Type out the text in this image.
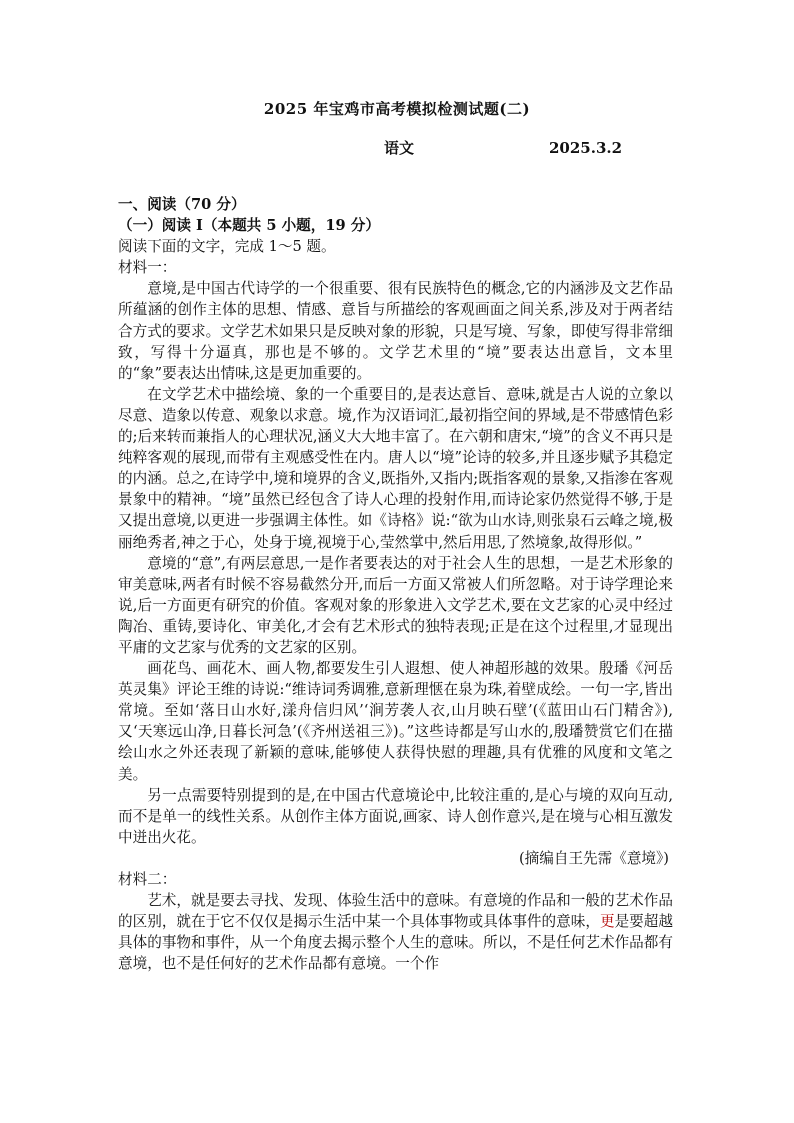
2025 年宝鸡市高考模拟检测试题(二)
语文	2025.3.2
一、阅读（70 分）
（一）阅读 I（本题共 5 小题，19 分）

阅读下面的文字，完成 1～5 题。

材料一：

意境,是中国古代诗学的一个很重要、很有民族特色的概念,它的内涵涉及文艺作品所蕴涵的创作主体的思想、情感、意旨与所描绘的客观画面之间关系,涉及对于两者结合方式的要求。文学艺术如果只是反映对象的形貌，只是写境、写象，即使写得非常细致，写得十分逼真，那也是不够的。文学艺术里的“境”要表达出意旨，文本里的“象”要表达出情味,这是更加重要的。

在文学艺术中描绘境、象的一个重要目的,是表达意旨、意味,就是古人说的立象以尽意、造象以传意、观象以求意。境,作为汉语词汇,最初指空间的界域,是不带感情色彩的;后来转而兼指人的心理状况,涵义大大地丰富了。在六朝和唐宋,“境”的含义不再只是纯粹客观的展现,而带有主观感受性在内。唐人以“境”论诗的较多,并且逐步赋予其稳定的内涵。总之,在诗学中,境和境界的含义,既指外,又指内;既指客观的景象,又指渗在客观景象中的精神。“境”虽然已经包含了诗人心理的投射作用,而诗论家仍然觉得不够,于是又提出意境,以更进一步强调主体性。如《诗格》说:“欲为山水诗,则张泉石云峰之境,极丽绝秀者,神之于心，处身于境,视境于心,莹然掌中,然后用思,了然境象,故得形似。”

意境的“意”,有两层意思,一是作者要表达的对于社会人生的思想，一是艺术形象的审美意味,两者有时候不容易截然分开,而后一方面又常被人们所忽略。对于诗学理论来说,后一方面更有研究的价值。客观对象的形象进入文学艺术,要在文艺家的心灵中经过陶冶、重铸,要诗化、审美化,才会有艺术形式的独特表现;正是在这个过程里,才显现出平庸的文艺家与优秀的文艺家的区别。

画花鸟、画花木、画人物,都要发生引人遐想、使人神超形越的效果。殷璠《河岳英灵集》评论王维的诗说:“维诗词秀调雅,意新理惬在泉为珠,着壁成绘。一句一字,皆出常境。至如‘落日山水好,漾舟信归风’‘涧芳袭人衣,山月映石壁’(《蓝田山石门精舍》),又‘天寒远山净,日暮长河急’(《齐州送祖三》)。”这些诗都是写山水的,殷璠赞赏它们在描绘山水之外还表现了新颖的意味,能够使人获得快慰的理趣,具有优雅的风度和文笔之美。

另一点需要特别提到的是,在中国古代意境论中,比较注重的,是心与境的双向互动,而不是单一的线性关系。从创作主体方面说,画家、诗人创作意兴,是在境与心相互激发中迸出火花。

(摘编自王先霈《意境》)

材料二：

艺术，就是要去寻找、发现、体验生活中的意味。有意境的作品和一般的艺术作品的区别，就在于它不仅仅是揭示生活中某一个具体事物或具体事件的意味，更是要超越具体的事物和事件，从一个角度去揭示整个人生的意味。所以，不是任何艺术作品都有意境，也不是任何好的艺术作品都有意境。一个作
